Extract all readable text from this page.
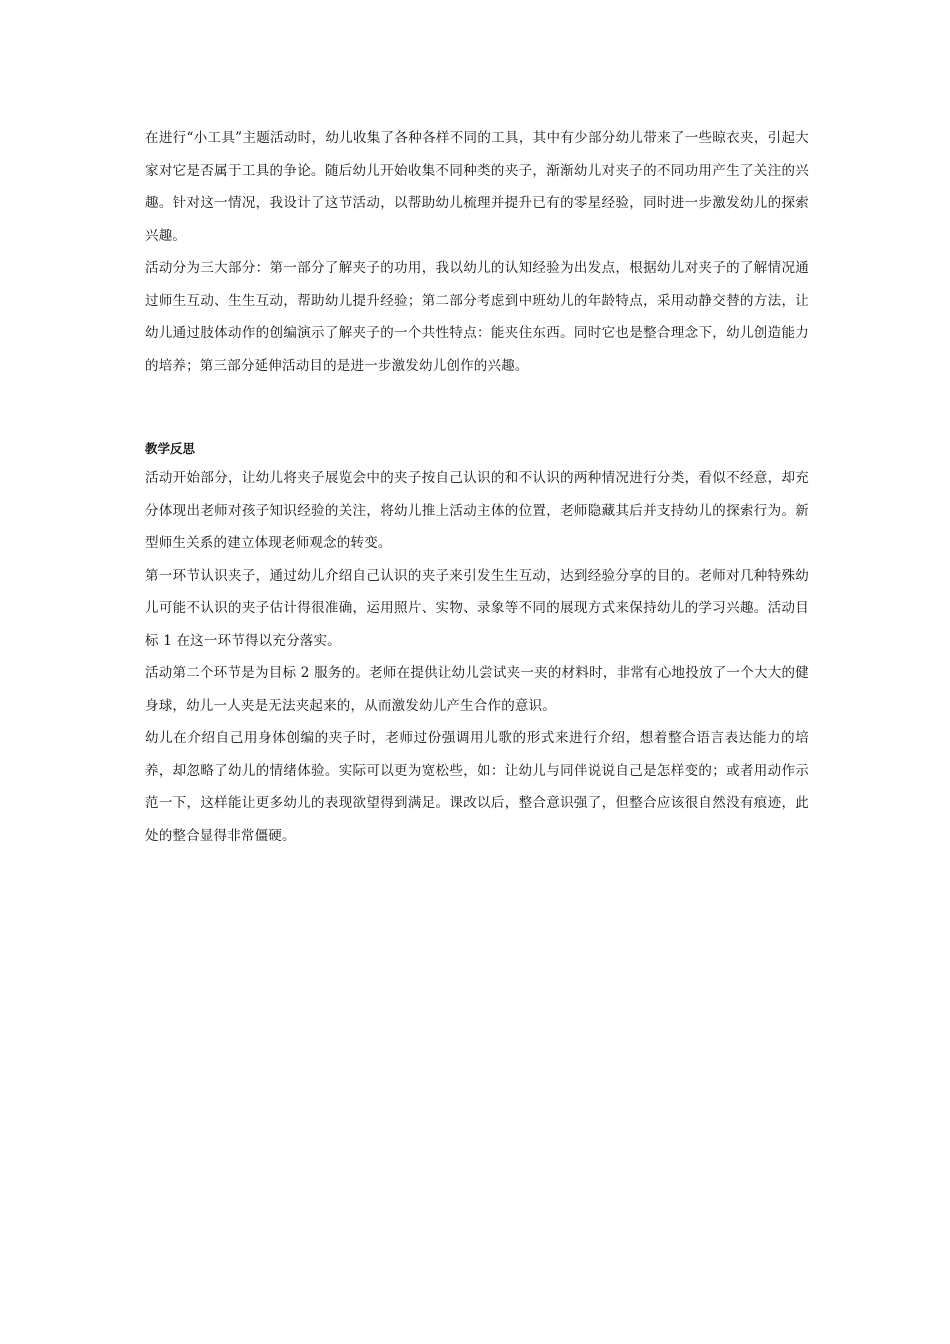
在进行“小工具”主题活动时，幼儿收集了各种各样不同的工具，其中有少部分幼儿带来了一些晾衣夹，引起大家对它是否属于工具的争论。随后幼儿开始收集不同种类的夹子，渐渐幼儿对夹子的不同功用产生了关注的兴趣。针对这一情况，我设计了这节活动，以帮助幼儿梳理并提升已有的零星经验，同时进一步激发幼儿的探索兴趣。

活动分为三大部分：第一部分了解夹子的功用，我以幼儿的认知经验为出发点，根据幼儿对夹子的了解情况通过师生互动、生生互动，帮助幼儿提升经验；第二部分考虑到中班幼儿的年龄特点，采用动静交替的方法，让幼儿通过肢体动作的创编演示了解夹子的一个共性特点：能夹住东西。同时它也是整合理念下，幼儿创造能力的培养；第三部分延伸活动目的是进一步激发幼儿创作的兴趣。

教学反思

活动开始部分，让幼儿将夹子展览会中的夹子按自己认识的和不认识的两种情况进行分类，看似不经意，却充分体现出老师对孩子知识经验的关注，将幼儿推上活动主体的位置，老师隐藏其后并支持幼儿的探索行为。新型师生关系的建立体现老师观念的转变。

第一环节认识夹子，通过幼儿介绍自己认识的夹子来引发生生互动，达到经验分享的目的。老师对几种特殊幼儿可能不认识的夹子估计得很准确，运用照片、实物、录象等不同的展现方式来保持幼儿的学习兴趣。活动目标 1 在这一环节得以充分落实。

活动第二个环节是为目标 2 服务的。老师在提供让幼儿尝试夹一夹的材料时，非常有心地投放了一个大大的健身球，幼儿一人夹是无法夹起来的，从而激发幼儿产生合作的意识。

幼儿在介绍自己用身体创编的夹子时，老师过份强调用儿歌的形式来进行介绍，想着整合语言表达能力的培养，却忽略了幼儿的情绪体验。实际可以更为宽松些，如：让幼儿与同伴说说自己是怎样变的；或者用动作示范一下，这样能让更多幼儿的表现欲望得到满足。课改以后，整合意识强了，但整合应该很自然没有痕迹，此处的整合显得非常僵硬。
